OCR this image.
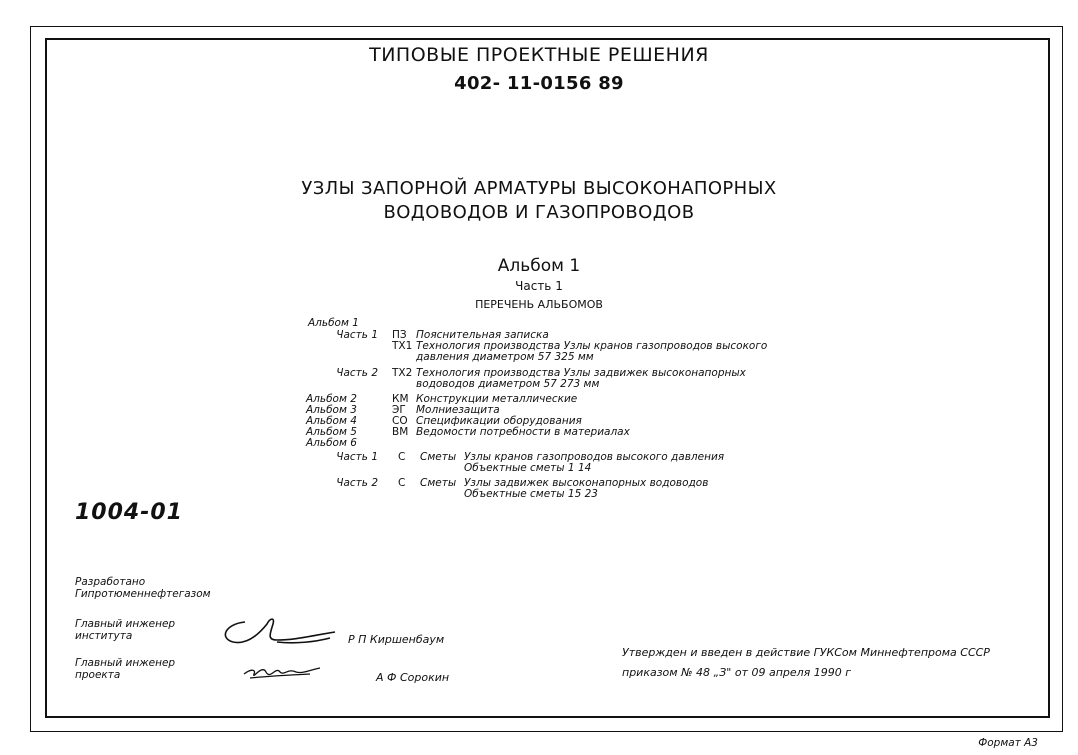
ТИПОВЫЕ ПРОЕКТНЫЕ РЕШЕНИЯ
402- 11-0156 89
УЗЛЫ ЗАПОРНОЙ АРМАТУРЫ ВЫСОКОНАПОРНЫХ
ВОДОВОДОВ И ГАЗОПРОВОДОВ
Альбом 1
Часть 1
ПЕРЕЧЕНЬ АЛЬБОМОВ
Альбом 1
Часть 1 ПЗ Пояснительная записка
ТХ1 Технология производства Узлы кранов газопроводов высокого
давления диаметром 57 325 мм
Часть 2 ТХ2 Технология производства Узлы задвижек высоконапорных
водоводов диаметром 57 273 мм
Альбом 2	КМ Конструкции металлические
Альбом 3	ЭГ Молниезащита
Альбом 4	СО Спецификации оборудования
Альбом 5	ВМ Ведомости потребности в материалах
Альбом 6
Часть 1 С Сметы Узлы кранов газопроводов высокого давления
Объектные сметы 1 14
Часть 2 С Сметы Узлы задвижек высоконапорных водоводов
Объектные сметы 15 23
1004-01
Разработано
Гипротюменнефтегазом
Главный инженер
института	Р П Киршенбаум
Главный инженер
проекта	А Ф Сорокин
Утвержден и введен в действие ГУКСом Миннефтепрома СССР
приказом № 48 „З" от 09 апреля 1990 г
Формат А3
